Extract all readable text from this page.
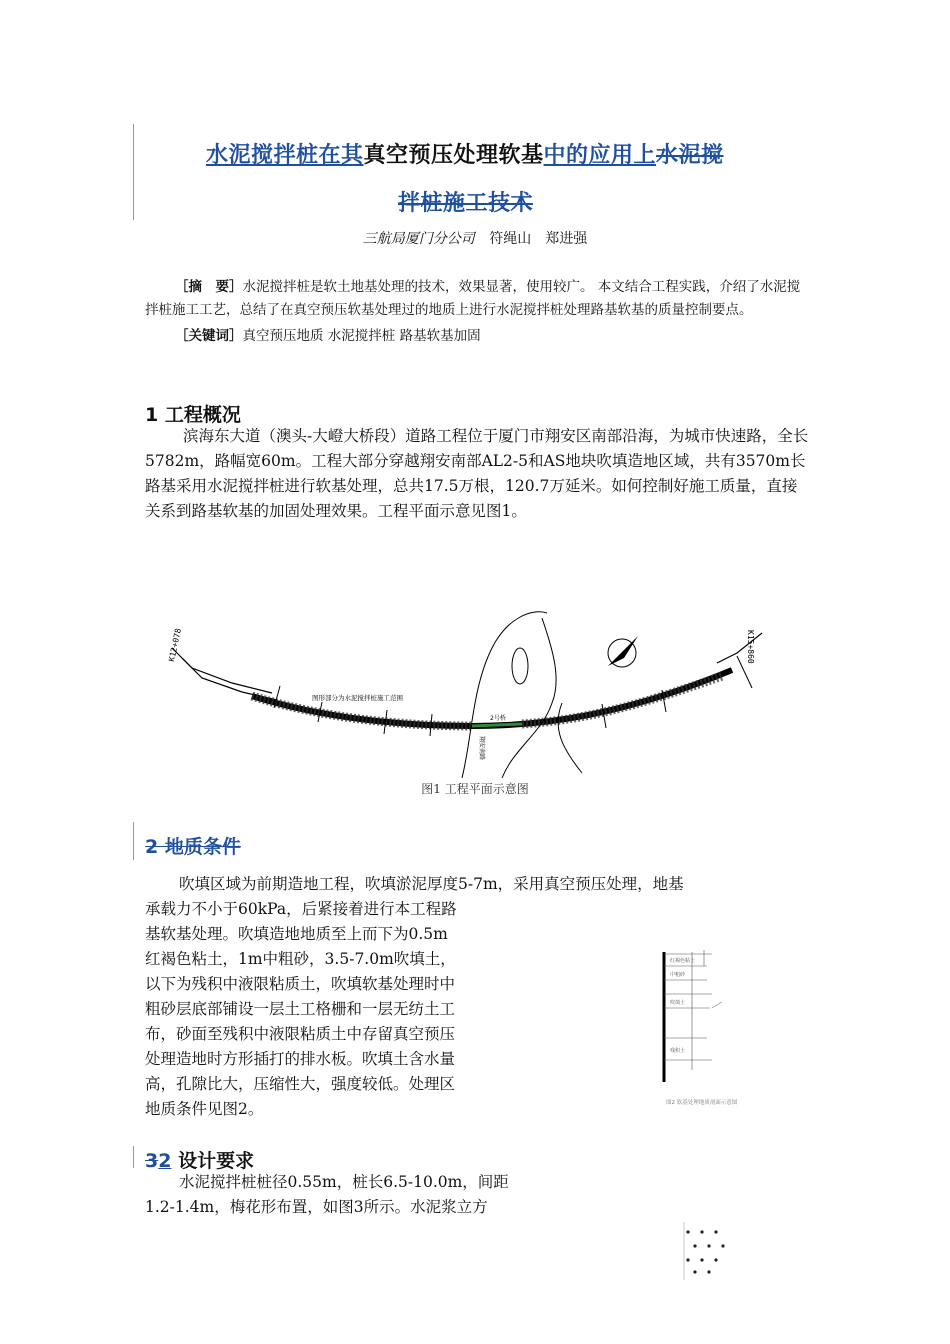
水泥搅拌桩在其真空预压处理软基中的应用上水泥搅
拌桩施工技术
三航局厦门分公司 符绳山　郑进强

［摘　要］水泥搅拌桩是软土地基处理的技术，效果显著，使用较广。 本文结合工程实践，介绍了水泥搅拌桩施工工艺，总结了在真空预压软基处理过的地质上进行水泥搅拌桩处理路基软基的质量控制要点。

［关键词］真空预压地质 水泥搅拌桩 路基软基加固

1 工程概况

滨海东大道（澳头-大嶝大桥段）道路工程位于厦门市翔安区南部沿海，为城市快速路，全长5782m，路幅宽60m。工程大部分穿越翔安南部AL2-5和AS地块吹填造地区域，共有3570m长路基采用水泥搅拌桩进行软基处理，总共17.5万根，120.7万延米。如何控制好施工质量，直接关系到路基软基的加固处理效果。工程平面示意见图1。

K12+078	K15+860
图形部分为水泥搅拌桩施工范围
2号桥
翔安南路
图1 工程平面示意图
2 地质条件

吹填区域为前期造地工程，吹填淤泥厚度5-7m，采用真空预压处理，地基

承载力不小于60kPa，后紧接着进行本工程路
基软基处理。吹填造地地质至上而下为0.5m
红褐色粘土，1m中粗砂，3.5-7.0m吹填土，
以下为残积中液限粘质土，吹填软基处理时中
粗砂层底部铺设一层土工格栅和一层无纺土工
布，砂面至残积中液限粘质土中存留真空预压
处理造地时方形插打的排水板。吹填土含水量
高，孔隙比大，压缩性大，强度较低。处理区
地质条件见图2。
红褐色粘土
中粗砂
吹填土
残积土
图2 软基处理地质剖面示意图
32 设计要求

水泥搅拌桩桩径0.55m，桩长6.5-10.0m，间距

1.2-1.4m，梅花形布置，如图3所示。水泥浆立方
